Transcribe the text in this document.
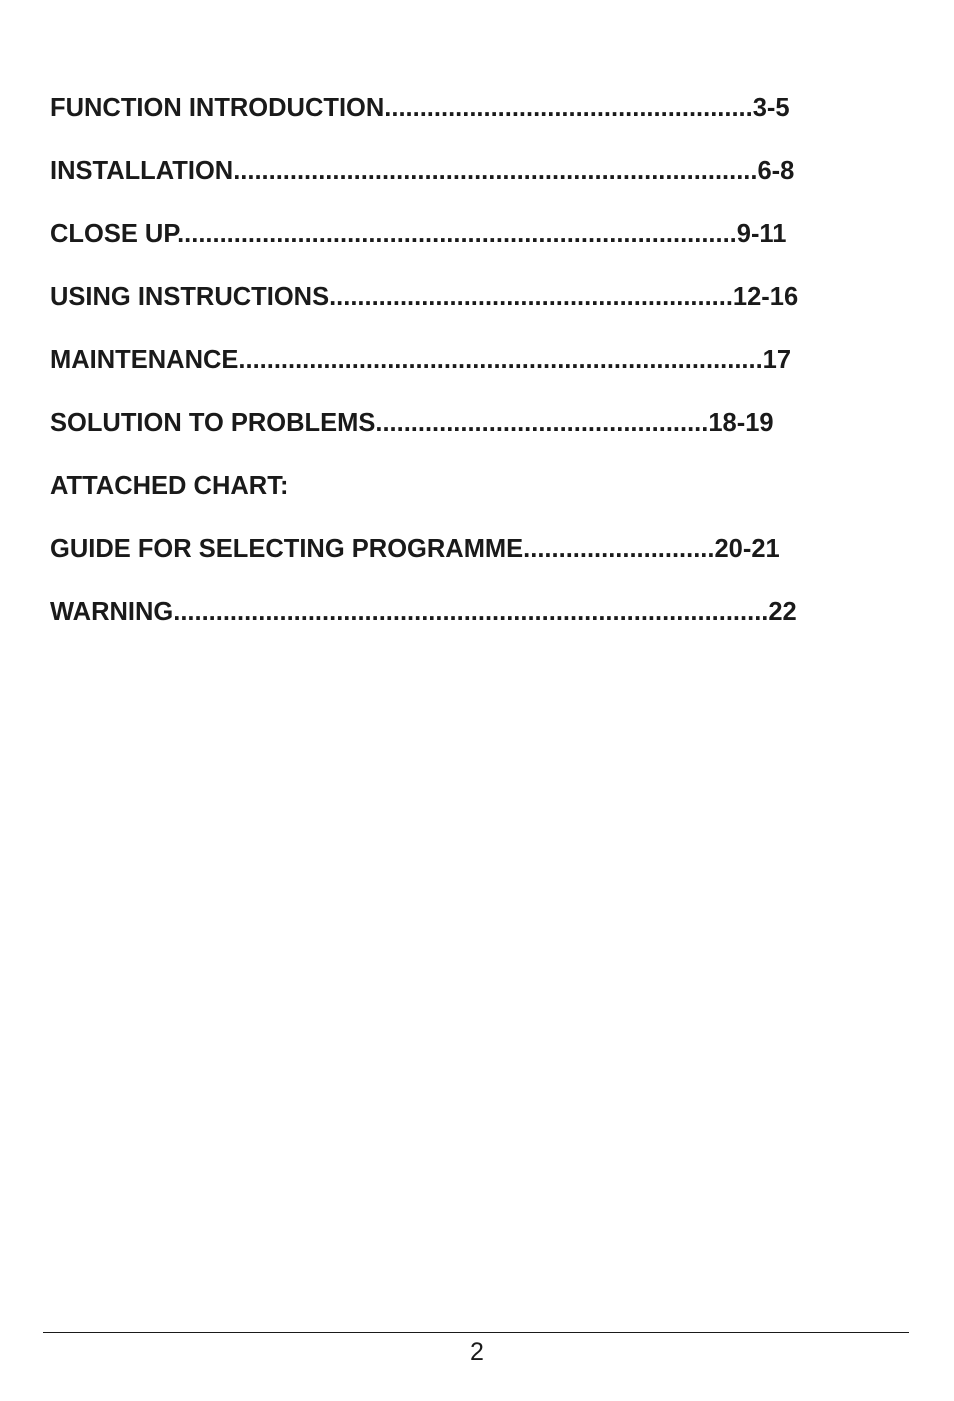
FUNCTION INTRODUCTION....................................................3-5
INSTALLATION..........................................................................6-8
CLOSE UP...............................................................................9-11
USING INSTRUCTIONS.........................................................12-16
MAINTENANCE..........................................................................17
SOLUTION TO PROBLEMS...............................................18-19
ATTACHED CHART:
GUIDE FOR SELECTING PROGRAMME...........................20-21
WARNING....................................................................................22
2
